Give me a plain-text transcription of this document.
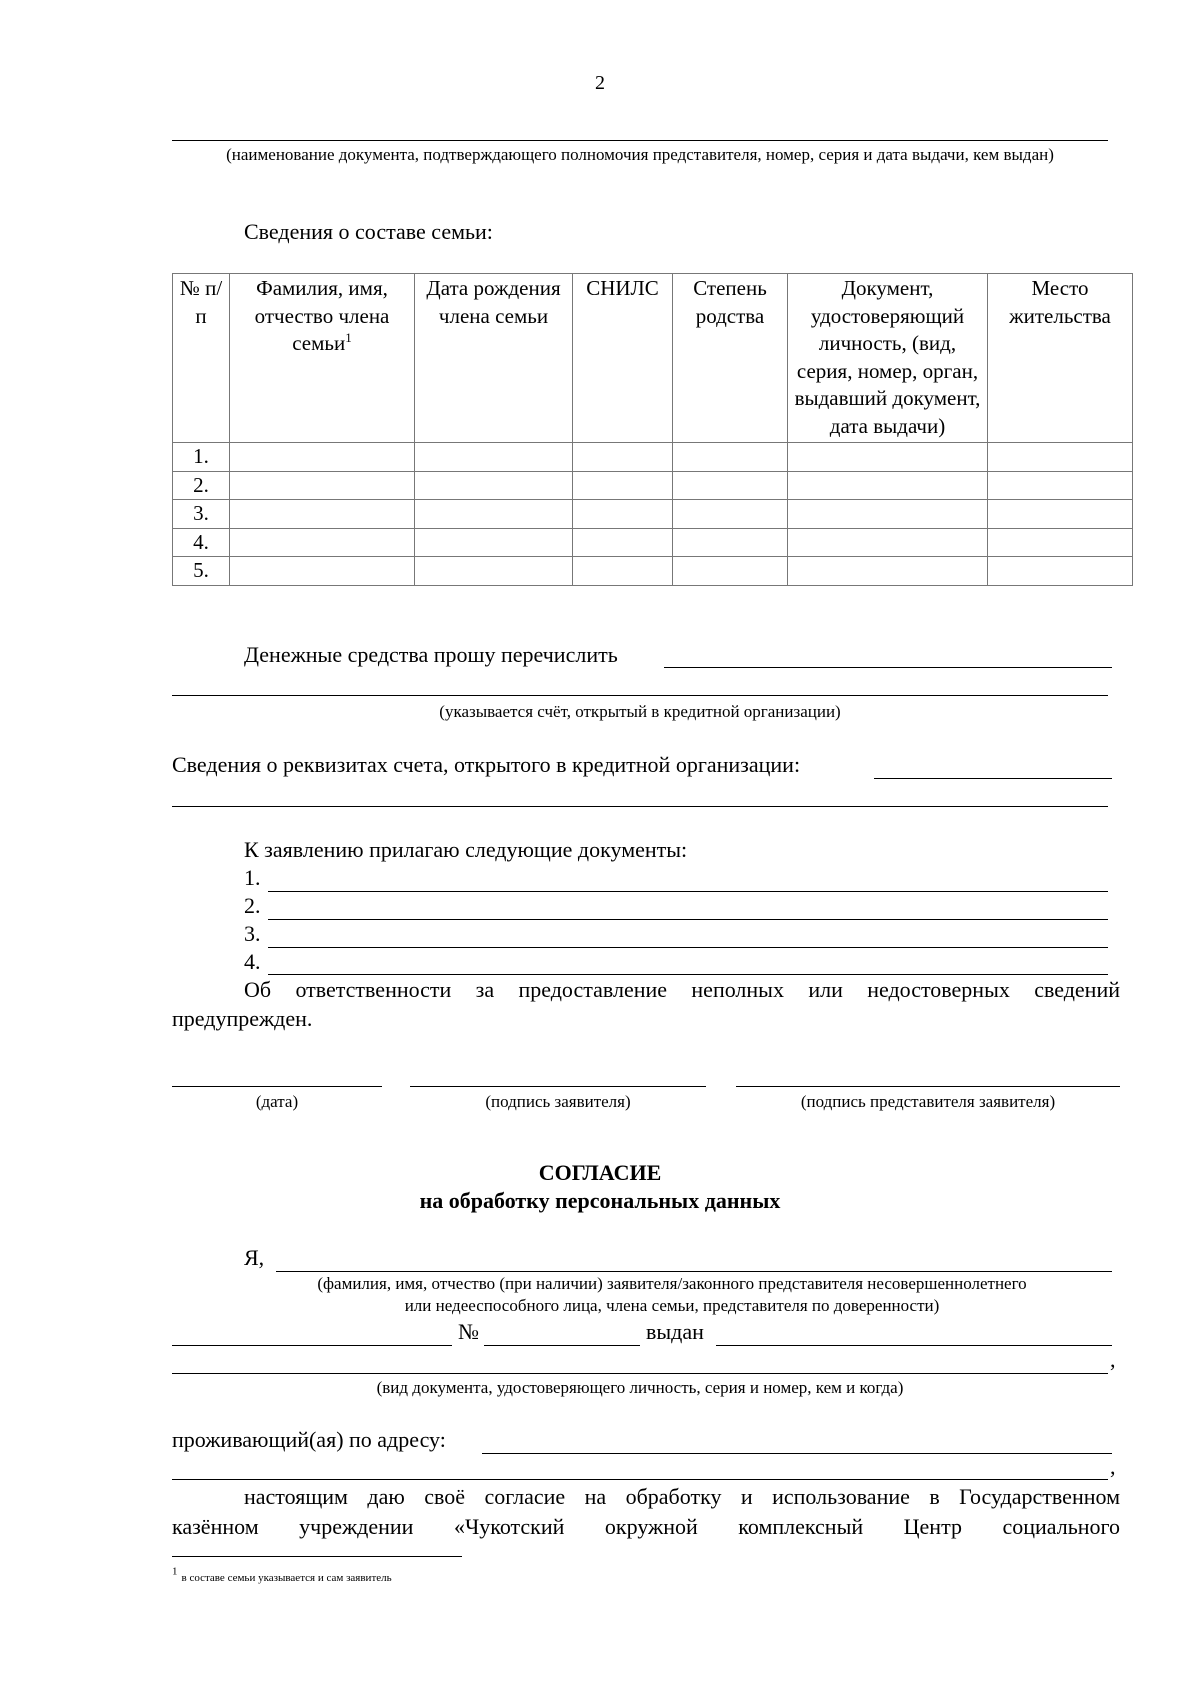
2
(наименование документа, подтверждающего полномочия представителя, номер, серия и дата выдачи, кем выдан)
Сведения о составе семьи:
№ п/п	Фамилия, имя, отчество члена семьи$^1$	Дата рождения члена семьи	СНИЛС	Степень родства	Документ, удостоверяющий личность, (вид, серия, номер, орган, выдавший документ, дата выдачи)	Место жительства
1.						
2.						
3.						
4.						
5.						
Денежные средства прошу перечислить
(указывается счёт, открытый в кредитной организации)
Сведения о реквизитах счета, открытого в кредитной организации:
К заявлению прилагаю следующие документы:
1.
2.
3.
4.
Об ответственности за предоставление неполных или недостоверных сведений
предупрежден.
(дата)	(подпись заявителя)	(подпись представителя заявителя)
СОГЛАСИЕ
на обработку персональных данных
Я,
(фамилия, имя, отчество (при наличии) заявителя/законного представителя несовершеннолетнего
или недееспособного лица, члена семьи, представителя по доверенности)
№	выдан
,
(вид документа, удостоверяющего личность, серия и номер, кем и когда)
проживающий(ая) по адресу:
,
настоящим даю своё согласие на обработку и использование в Государственном
казённом учреждении «Чукотский окружной комплексный Центр социального
$^1$ в составе семьи указывается и сам заявитель
